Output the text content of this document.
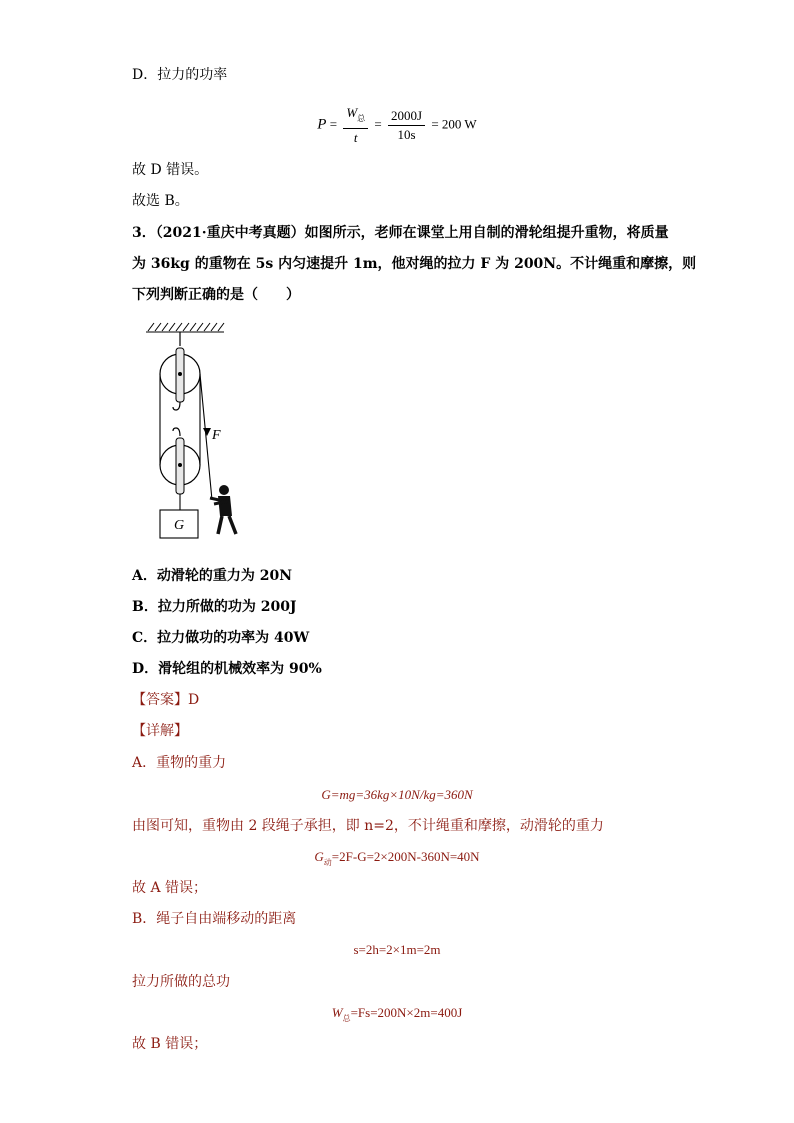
D．拉力的功率
$P = \frac{W_总}{t} = \frac{2000J}{10s} = 200$ W
故 D 错误。
故选 B。
3．（2021·重庆中考真题）如图所示，老师在课堂上用自制的滑轮组提升重物，将质量
为 36kg 的重物在 5s 内匀速提升 1m，他对绳的拉力 F 为 200N。不计绳重和摩擦，则
下列判断正确的是（　　）
F
G
A．动滑轮的重力为 20N
B．拉力所做的功为 200J
C．拉力做功的功率为 40W
D．滑轮组的机械效率为 90%
【答案】D
【详解】
A．重物的重力
G=mg=36kg×10N/kg=360N
由图可知，重物由 2 段绳子承担，即 n=2，不计绳重和摩擦，动滑轮的重力
$G_动=2F-G=2\times 200N-360N=40N$
故 A 错误；
B．绳子自由端移动的距离
s=2h=2×1m=2m
拉力所做的总功
$W_总=Fs=200N\times 2m=400J$
故 B 错误；
